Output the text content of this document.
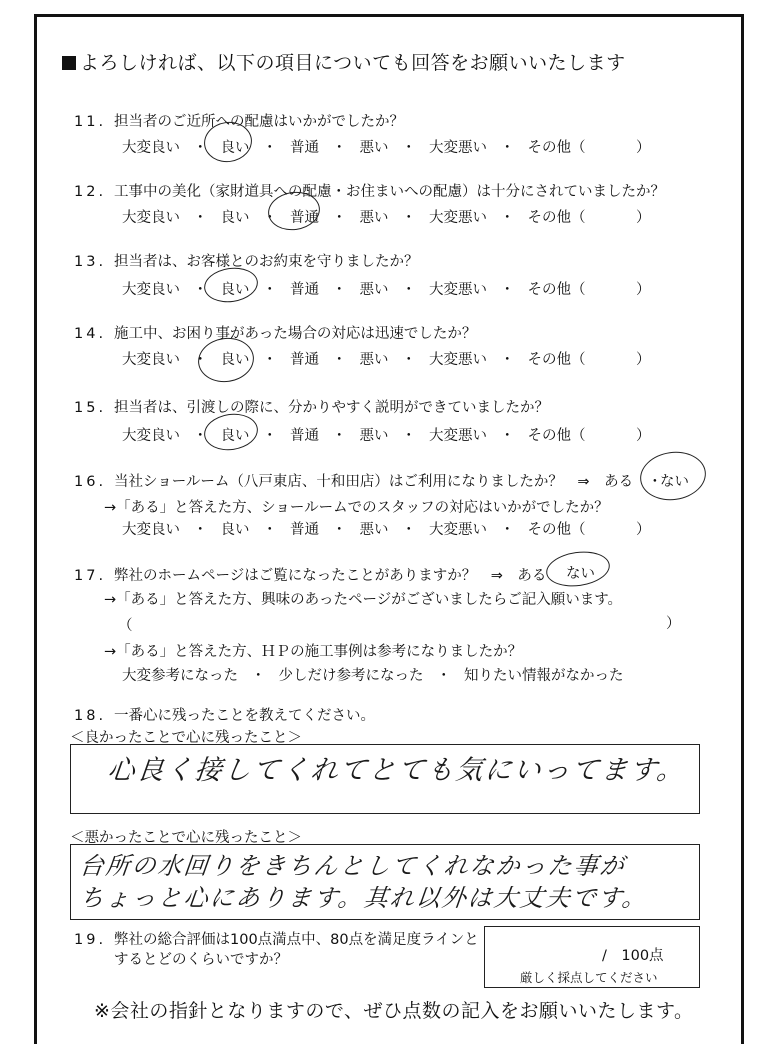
よろしければ、以下の項目についても回答をお願いいたします
11. 担当者のご近所への配慮はいかがでしたか？
大変良い ・ 良い ・ 普通 ・ 悪い ・ 大変悪い ・ その他（	）
12. 工事中の美化（家財道具への配慮・お住まいへの配慮）は十分にされていましたか？
大変良い ・ 良い ・ 普通 ・ 悪い ・ 大変悪い ・ その他（	）
13. 担当者は、お客様とのお約束を守りましたか？
大変良い ・ 良い ・ 普通 ・ 悪い ・ 大変悪い ・ その他（	）
14. 施工中、お困り事があった場合の対応は迅速でしたか？
大変良い ・ 良い ・ 普通 ・ 悪い ・ 大変悪い ・ その他（	）
15. 担当者は、引渡しの際に、分かりやすく説明ができていましたか？
大変良い ・ 良い ・ 普通 ・ 悪い ・ 大変悪い ・ その他（	）
16. 当社ショールーム（八戸東店、十和田店）はご利用になりましたか？　⇒　ある　・
ない
→「ある」と答えた方、ショールームでのスタッフの対応はいかがでしたか？
大変良い ・ 良い ・ 普通 ・ 悪い ・ 大変悪い ・ その他（	）
17. 弊社のホームページはご覧になったことがありますか？　⇒　ある ない
→「ある」と答えた方、興味のあったページがございましたらご記入願います。
（	）
→「ある」と答えた方、ＨＰの施工事例は参考になりましたか？
大変参考になった ・ 少しだけ参考になった ・ 知りたい情報がなかった
18. 一番心に残ったことを教えてください。
＜良かったことで心に残ったこと＞
心良く接してくれてとても気にいってます。
＜悪かったことで心に残ったこと＞
台所の水回りをきちんとしてくれなかった事が
ちょっと心にあります。其れ以外は大丈夫です。
19. 弊社の総合評価は100点満点中、80点を満足度ラインと
するとどのくらいですか？	/　100点
厳しく採点してください
※会社の指針となりますので、ぜひ点数の記入をお願いいたします。
